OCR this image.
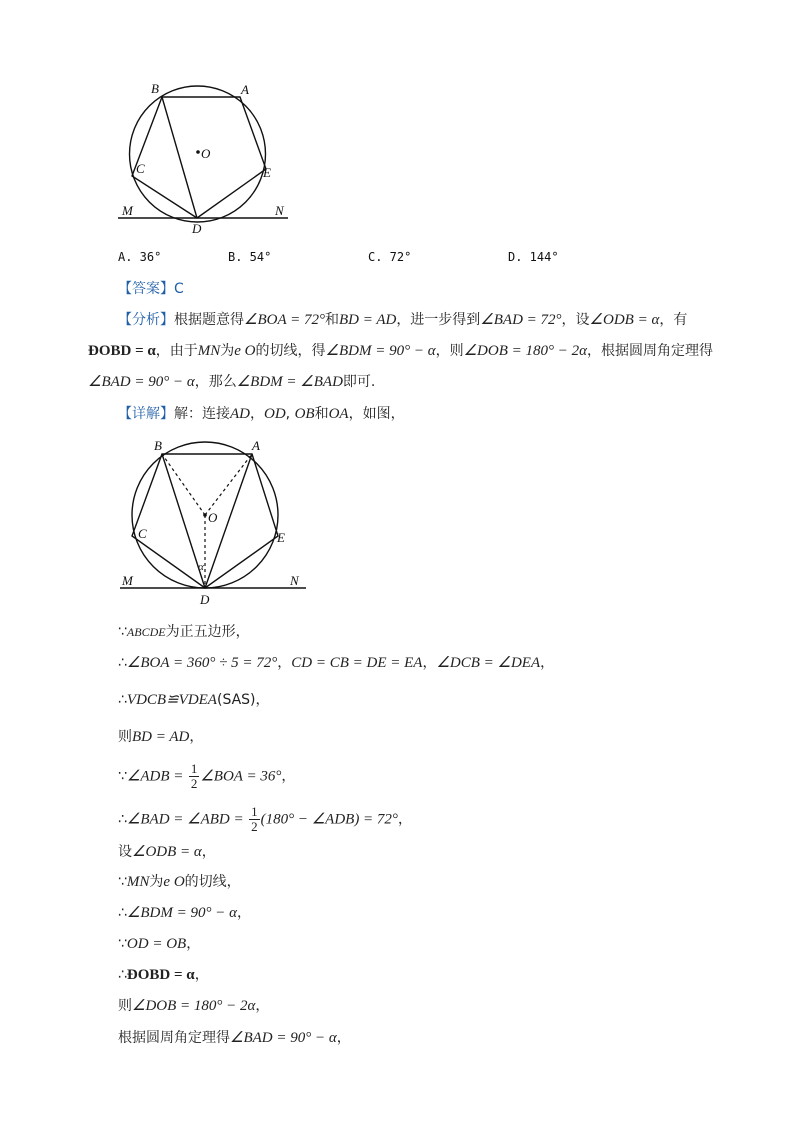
B	A
C	E
O
M	N
D
A. 36°	B. 54°	C. 72°	D. 144°
【答案】C
【分析】根据题意得∠BOA = 72°和BD = AD，进一步得到∠BAD = 72°，设∠ODB = α，有
ÐOBD = α，由于MN为e O的切线，得∠BDM = 90° − α，则∠DOB = 180° − 2α，根据圆周角定理得
∠BAD = 90° − α，那么∠BDM = ∠BAD即可.
【详解】解：连接AD，OD, OB和OA，如图，
B	A
O
C	E
α
M	N
D
∵ABCDE为正五边形，
∴∠BOA = 360° ÷ 5 = 72°，CD = CB = DE = EA，∠DCB = ∠DEA，
∴VDCB≌VDEA(SAS)，
则BD = AD，
∵∠ADB = $\frac{1}{2}$ ∠BOA = 36°，
∴∠BAD = ∠ABD = $\frac{1}{2} (180^\circ$ − ∠ADB) = 72°，
设∠ODB = α，
∵MN为e O的切线，
∴∠BDM = 90° − α，
∵OD = OB，
∴ÐOBD = α，
则∠DOB = 180° − 2α，
根据圆周角定理得∠BAD = 90° − α，
